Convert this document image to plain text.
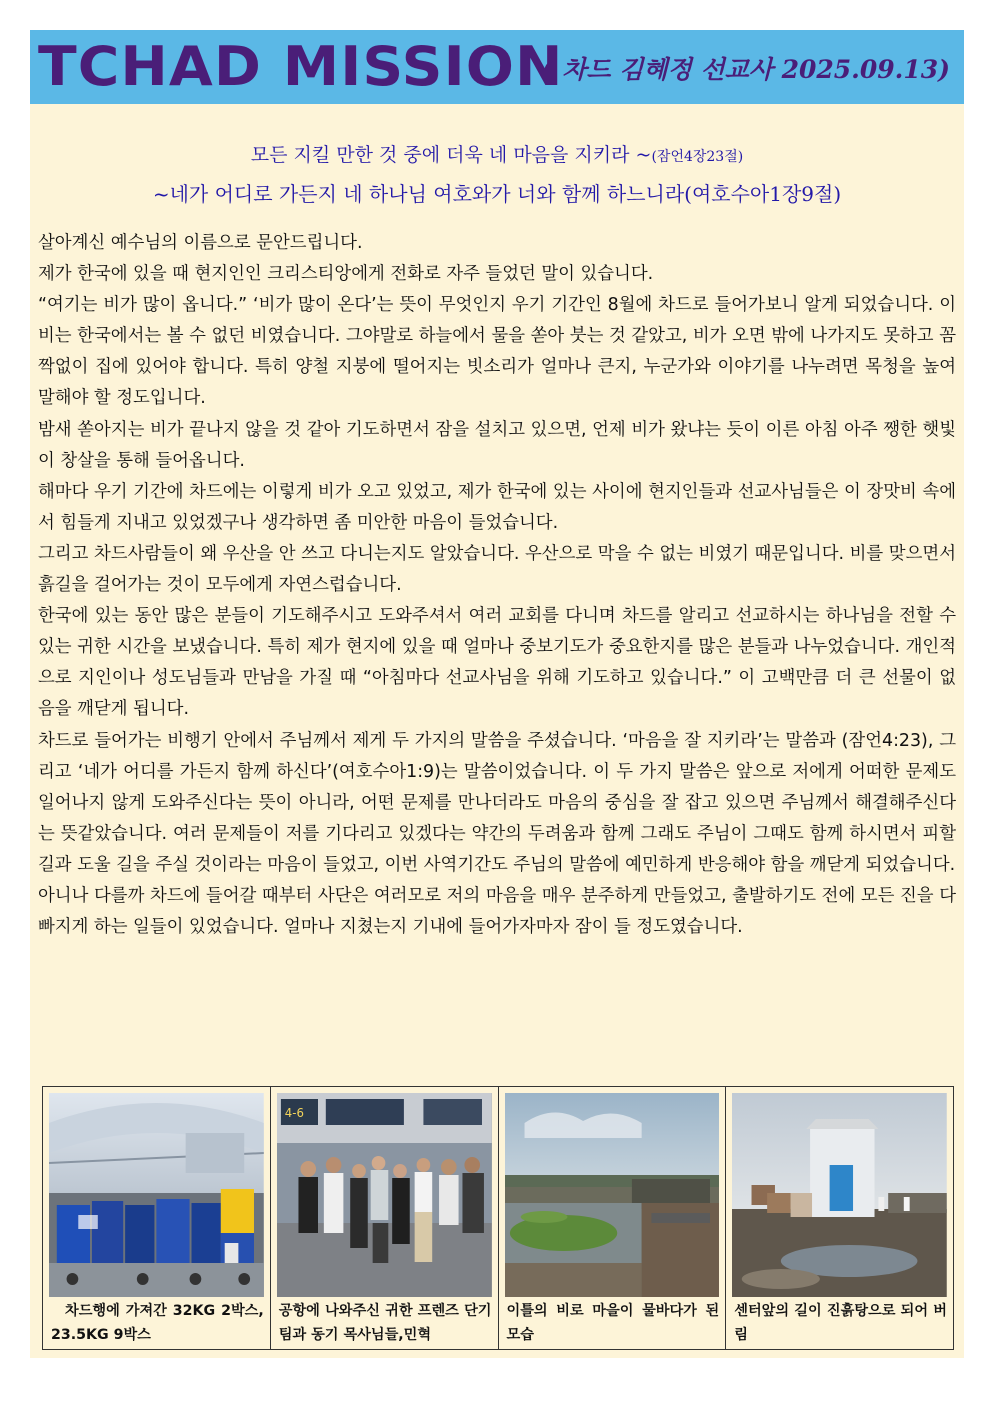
TCHAD MISSION
( 차드 김혜정 선교사 2025.09.13)
모든 지킬 만한 것 중에 더욱 네 마음을 지키라 ~(잠언4장23절)
~네가 어디로 가든지 네 하나님 여호와가 너와 함께 하느니라(여호수아1장9절)

살아계신 예수님의 이름으로 문안드립니다.

제가 한국에 있을 때 현지인인 크리스티앙에게 전화로 자주 들었던 말이 있습니다.

“여기는 비가 많이 옵니다.” ‘비가 많이 온다’는 뜻이 무엇인지 우기 기간인 8월에 차드로 들어가보니 알게 되었습니다. 이비는 한국에서는 볼 수 없던 비였습니다. 그야말로 하늘에서 물을 쏟아 붓는 것 같았고, 비가 오면 밖에 나가지도 못하고 꼼짝없이 집에 있어야 합니다. 특히 양철 지붕에 떨어지는 빗소리가 얼마나 큰지, 누군가와 이야기를 나누려면 목청을 높여 말해야 할 정도입니다.

밤새 쏟아지는 비가 끝나지 않을 것 같아 기도하면서 잠을 설치고 있으면, 언제 비가 왔냐는 듯이 이른 아침 아주 쨍한 햇빛이 창살을 통해 들어옵니다.

해마다 우기 기간에 차드에는 이렇게 비가 오고 있었고, 제가 한국에 있는 사이에 현지인들과 선교사님들은 이 장맛비 속에서 힘들게 지내고 있었겠구나 생각하면 좀 미안한 마음이 들었습니다.

그리고 차드사람들이 왜 우산을 안 쓰고 다니는지도 알았습니다. 우산으로 막을 수 없는 비였기 때문입니다. 비를 맞으면서 흙길을 걸어가는 것이 모두에게 자연스럽습니다.

한국에 있는 동안 많은 분들이 기도해주시고 도와주셔서 여러 교회를 다니며 차드를 알리고 선교하시는 하나님을 전할 수 있는 귀한 시간을 보냈습니다. 특히 제가 현지에 있을 때 얼마나 중보기도가 중요한지를 많은 분들과 나누었습니다. 개인적으로 지인이나 성도님들과 만남을 가질 때 “아침마다 선교사님을 위해 기도하고 있습니다.” 이 고백만큼 더 큰 선물이 없음을 깨닫게 됩니다.

차드로 들어가는 비행기 안에서 주님께서 제게 두 가지의 말씀을 주셨습니다. ‘마음을 잘 지키라’는 말씀과 (잠언4:23), 그리고 ‘네가 어디를 가든지 함께 하신다’(여호수아1:9)는 말씀이었습니다. 이 두 가지 말씀은 앞으로 저에게 어떠한 문제도 일어나지 않게 도와주신다는 뜻이 아니라, 어떤 문제를 만나더라도 마음의 중심을 잘 잡고 있으면 주님께서 해결해주신다는 뜻같았습니다. 여러 문제들이 저를 기다리고 있겠다는 약간의 두려움과 함께 그래도 주님이 그때도 함께 하시면서 피할 길과 도울 길을 주실 것이라는 마음이 들었고, 이번 사역기간도 주님의 말씀에 예민하게 반응해야 함을 깨닫게 되었습니다.

아니나 다를까 차드에 들어갈 때부터 사단은 여러모로 저의 마음을 매우 분주하게 만들었고, 출발하기도 전에 모든 진을 다 빠지게 하는 일들이 있었습니다. 얼마나 지쳤는지 기내에 들어가자마자 잠이 들 정도였습니다.

차드행에 가져간 32KG 2박스, 23.5KG 9박스
4-6
공항에 나와주신 귀한 프렌즈 단기팀과 동기 목사님들,민혁
이틀의 비로 마을이 물바다가 된 모습
센터앞의 길이 진흙탕으로 되어 버림
